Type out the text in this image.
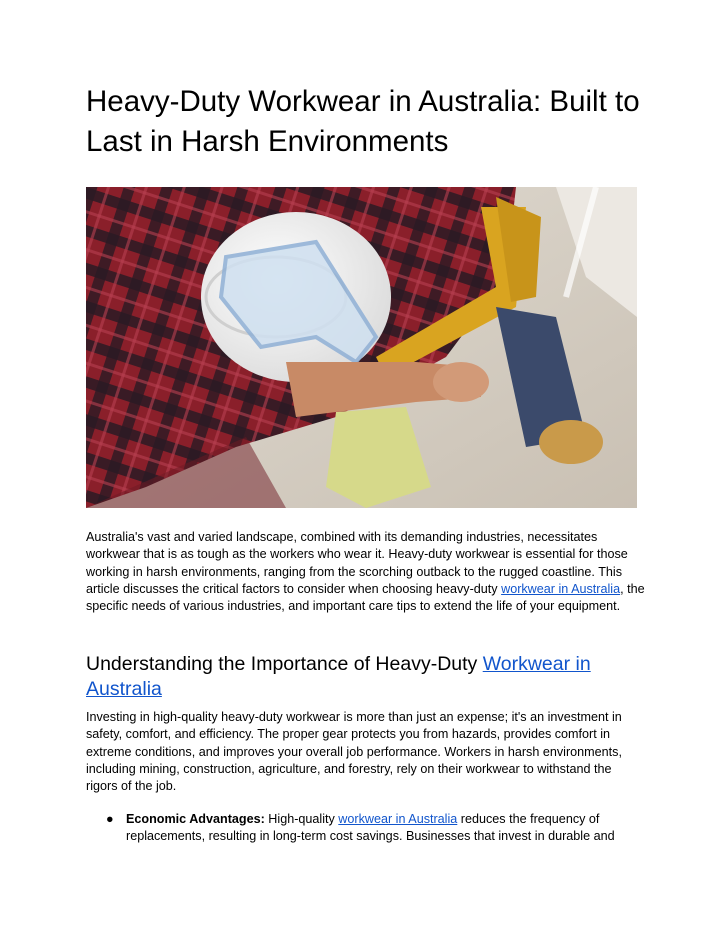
Heavy-Duty Workwear in Australia: Built to Last in Harsh Environments

Australia's vast and varied landscape, combined with its demanding industries, necessitates workwear that is as tough as the workers who wear it. Heavy-duty workwear is essential for those working in harsh environments, ranging from the scorching outback to the rugged coastline. This article discusses the critical factors to consider when choosing heavy-duty workwear in Australia, the specific needs of various industries, and important care tips to extend the life of your equipment.

Understanding the Importance of Heavy-Duty Workwear in Australia

Investing in high-quality heavy-duty workwear is more than just an expense; it's an investment in safety, comfort, and efficiency. The proper gear protects you from hazards, provides comfort in extreme conditions, and improves your overall job performance. Workers in harsh environments, including mining, construction, agriculture, and forestry, rely on their workwear to withstand the rigors of the job.

● Economic Advantages: High-quality workwear in Australia reduces the frequency of replacements, resulting in long-term cost savings. Businesses that invest in durable and
